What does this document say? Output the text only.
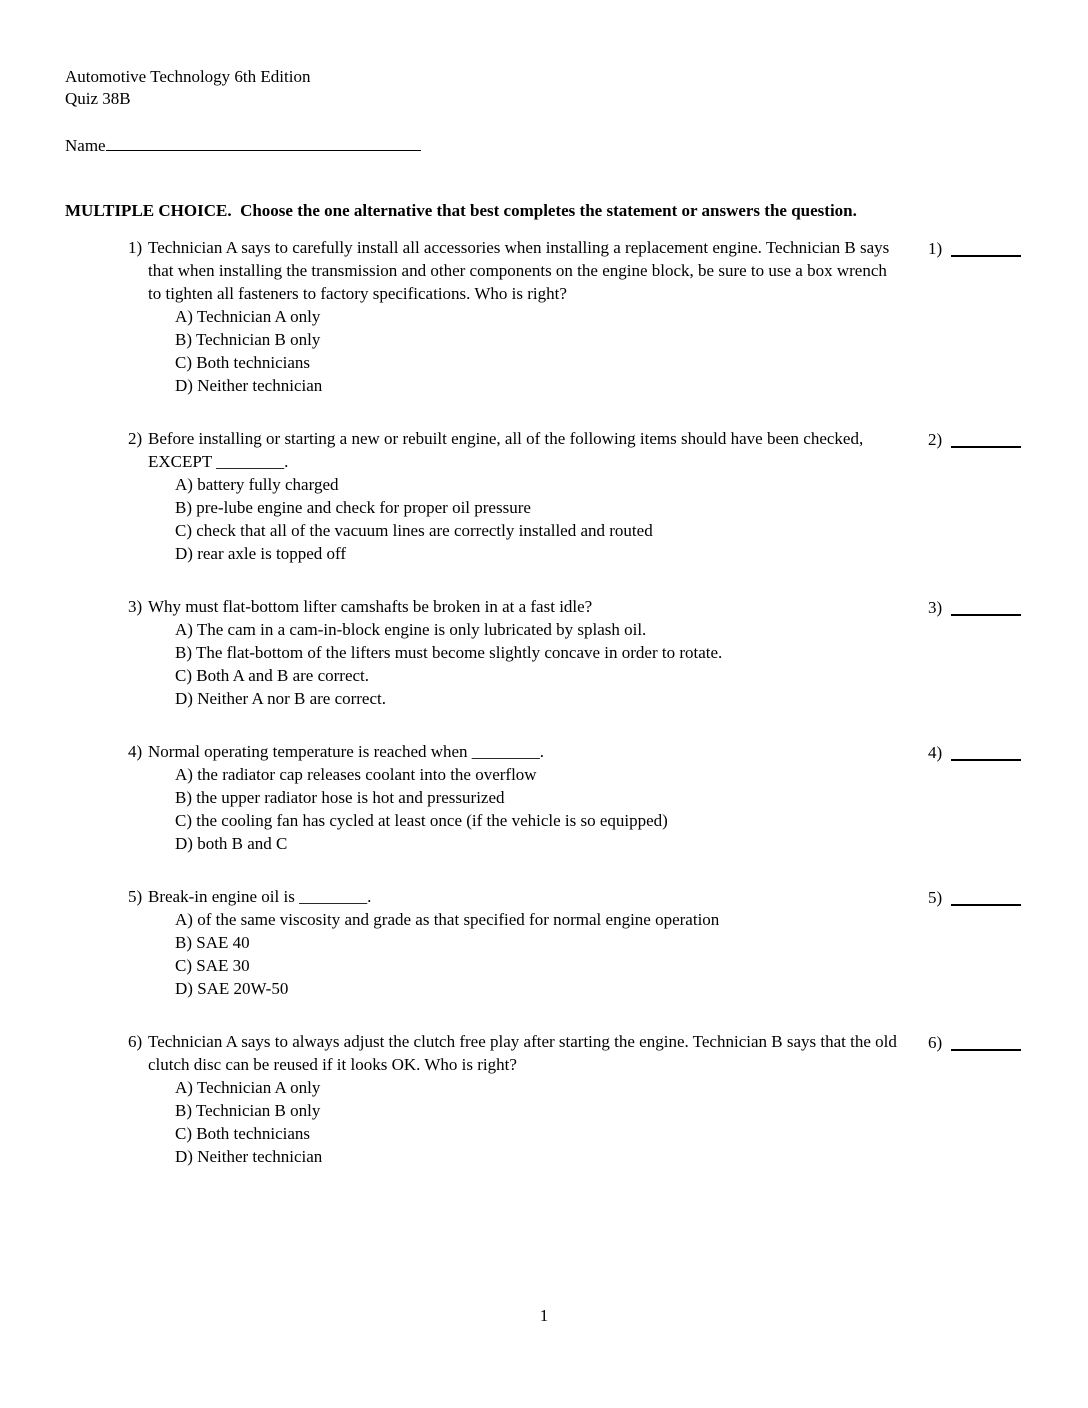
Automotive Technology 6th Edition
Quiz 38B
Name
MULTIPLE CHOICE.  Choose the one alternative that best completes the statement or answers the question.
1) Technician A says to carefully install all accessories when installing a replacement engine. Technician B says that when installing the transmission and other components on the engine block, be sure to use a box wrench to tighten all fasteners to factory specifications. Who is right?
A) Technician A only
B) Technician B only
C) Both technicians
D) Neither technician
1)
2) Before installing or starting a new or rebuilt engine, all of the following items should have been checked, EXCEPT ________.
A) battery fully charged
B) pre-lube engine and check for proper oil pressure
C) check that all of the vacuum lines are correctly installed and routed
D) rear axle is topped off
2)
3) Why must flat-bottom lifter camshafts be broken in at a fast idle?
A) The cam in a cam-in-block engine is only lubricated by splash oil.
B) The flat-bottom of the lifters must become slightly concave in order to rotate.
C) Both A and B are correct.
D) Neither A nor B are correct.
3)
4) Normal operating temperature is reached when ________.
A) the radiator cap releases coolant into the overflow
B) the upper radiator hose is hot and pressurized
C) the cooling fan has cycled at least once (if the vehicle is so equipped)
D) both B and C
4)
5) Break-in engine oil is ________.
A) of the same viscosity and grade as that specified for normal engine operation
B) SAE 40
C) SAE 30
D) SAE 20W-50
5)
6) Technician A says to always adjust the clutch free play after starting the engine. Technician B says that the old clutch disc can be reused if it looks OK. Who is right?
A) Technician A only
B) Technician B only
C) Both technicians
D) Neither technician
6)
1
